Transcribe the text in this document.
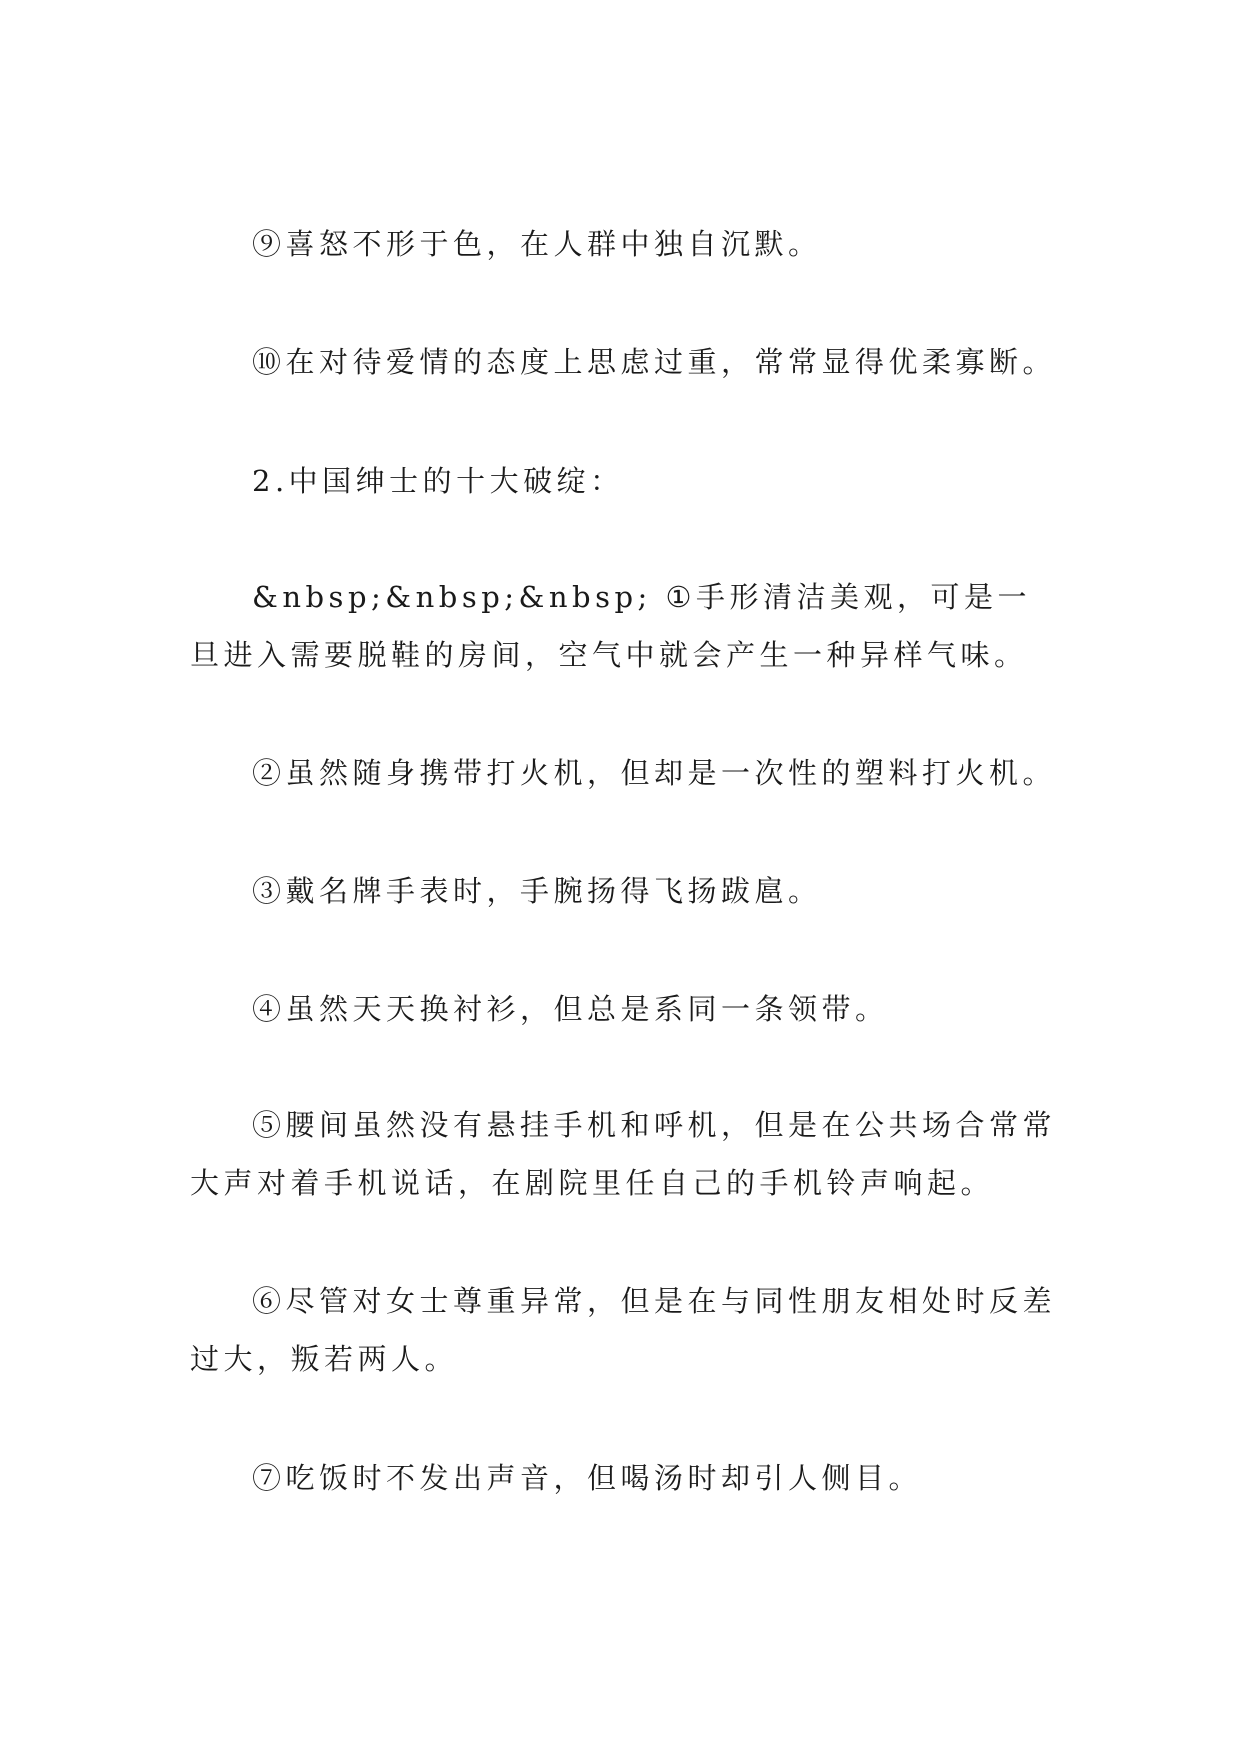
⑨喜怒不形于色，在人群中独自沉默。

⑩在对待爱情的态度上思虑过重，常常显得优柔寡断。

2.中国绅士的十大破绽：

&nbsp;&nbsp;&nbsp; ①手形清洁美观，可是一旦进入需要脱鞋的房间，空气中就会产生一种异样气味。

②虽然随身携带打火机，但却是一次性的塑料打火机。

③戴名牌手表时，手腕扬得飞扬跋扈。

④虽然天天换衬衫，但总是系同一条领带。

⑤腰间虽然没有悬挂手机和呼机，但是在公共场合常常大声对着手机说话，在剧院里任自己的手机铃声响起。

⑥尽管对女士尊重异常，但是在与同性朋友相处时反差过大，叛若两人。

⑦吃饭时不发出声音，但喝汤时却引人侧目。
